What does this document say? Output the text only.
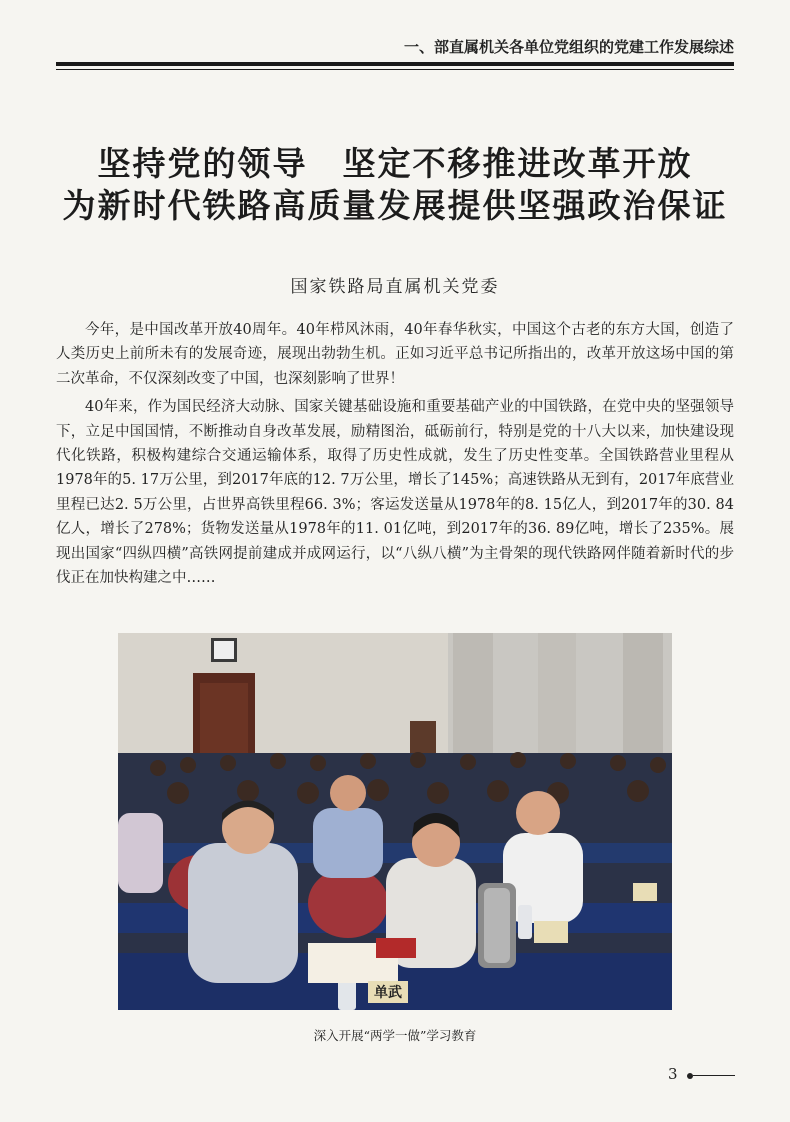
一、部直属机关各单位党组织的党建工作发展综述
坚持党的领导　坚定不移推进改革开放
为新时代铁路高质量发展提供坚强政治保证
国家铁路局直属机关党委

今年，是中国改革开放40周年。40年栉风沐雨，40年春华秋实，中国这个古老的东方大国，创造了人类历史上前所未有的发展奇迹，展现出勃勃生机。正如习近平总书记所指出的，改革开放这场中国的第二次革命，不仅深刻改变了中国，也深刻影响了世界！

40年来，作为国民经济大动脉、国家关键基础设施和重要基础产业的中国铁路，在党中央的坚强领导下，立足中国国情，不断推动自身改革发展，励精图治，砥砺前行，特别是党的十八大以来，加快建设现代化铁路，积极构建综合交通运输体系，取得了历史性成就，发生了历史性变革。全国铁路营业里程从1978年的5. 17万公里，到2017年底的12. 7万公里，增长了145%；高速铁路从无到有，2017年底营业里程已达2. 5万公里，占世界高铁里程66. 3%；客运发送量从1978年的8. 15亿人，到2017年的30. 84亿人，增长了278%；货物发送量从1978年的11. 01亿吨，到2017年的36. 89亿吨，增长了235%。展现出国家“四纵四横”高铁网提前建成并成网运行，以“八纵八横”为主骨架的现代铁路网伴随着新时代的步伐正在加快构建之中……

单武
深入开展“两学一做”学习教育
3
